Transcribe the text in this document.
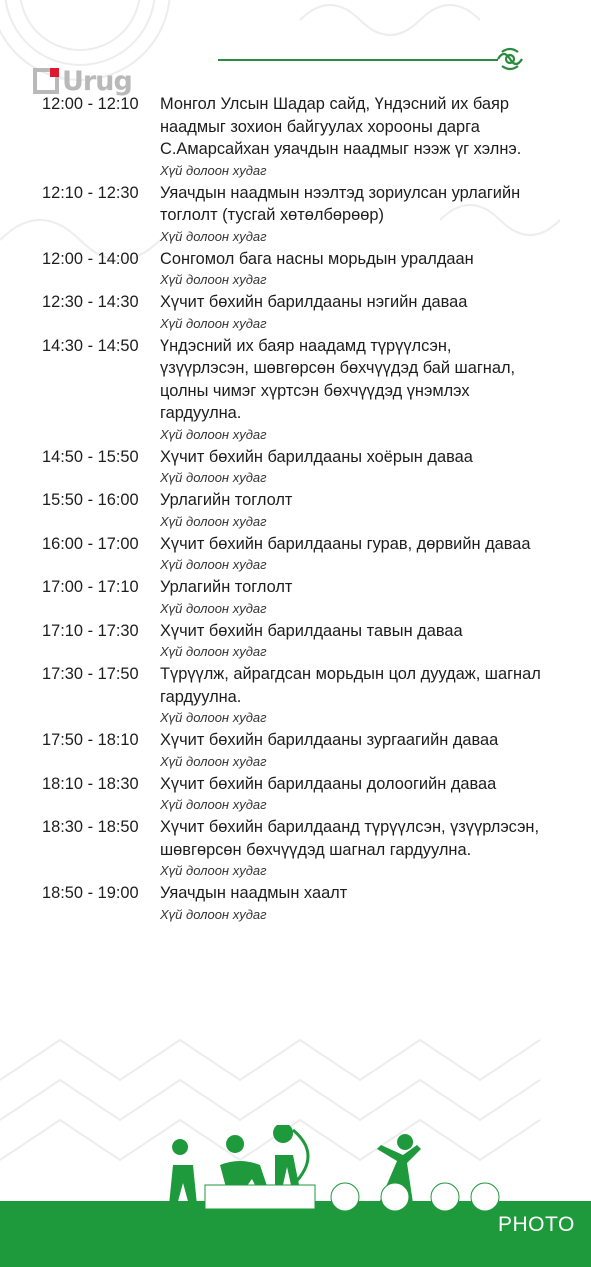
Urug
12:00 - 12:10	Монгол Улсын Шадар сайд, Үндэсний их баяр наадмыг зохион байгуулах хорооны дарга С.Амарсайхан уяачдын наадмыг нээж үг хэлнэ.
Хүй долоон худаг
12:10 - 12:30	Уяачдын наадмын нээлтэд зориулсан урлагийн тоглолт (тусгай хөтөлбөрөөр)
Хүй долоон худаг
12:00 - 14:00	Сонгомол бага насны морьдын уралдаан
Хүй долоон худаг
12:30 - 14:30	Хүчит бөхийн барилдааны нэгийн даваа
Хүй долоон худаг
14:30 - 14:50	Үндэсний их баяр наадамд түрүүлсэн, үзүүрлэсэн, шөвгөрсөн бөхчүүдэд бай шагнал, цолны чимэг хүртсэн бөхчүүдэд үнэмлэх гардуулна.
Хүй долоон худаг
14:50 - 15:50	Хүчит бөхийн барилдааны хоёрын даваа
Хүй долоон худаг
15:50 - 16:00	Урлагийн тоглолт
Хүй долоон худаг
16:00 - 17:00	Хүчит бөхийн барилдааны гурав, дөрвийн даваа
Хүй долоон худаг
17:00 - 17:10	Урлагийн тоглолт
Хүй долоон худаг
17:10 - 17:30	Хүчит бөхийн барилдааны тавын даваа
Хүй долоон худаг
17:30 - 17:50	Түрүүлж, айрагдсан морьдын цол дуудаж, шагнал гардуулна.
Хүй долоон худаг
17:50 - 18:10	Хүчит бөхийн барилдааны зургаагийн даваа
Хүй долоон худаг
18:10 - 18:30	Хүчит бөхийн барилдааны долоогийн даваа
Хүй долоон худаг
18:30 - 18:50	Хүчит бөхийн барилдаанд түрүүлсэн, үзүүрлэсэн, шөвгөрсөн бөхчүүдэд шагнал гардуулна.
Хүй долоон худаг
18:50 - 19:00	Уяачдын наадмын хаалт
Хүй долоон худаг
PHOTO
